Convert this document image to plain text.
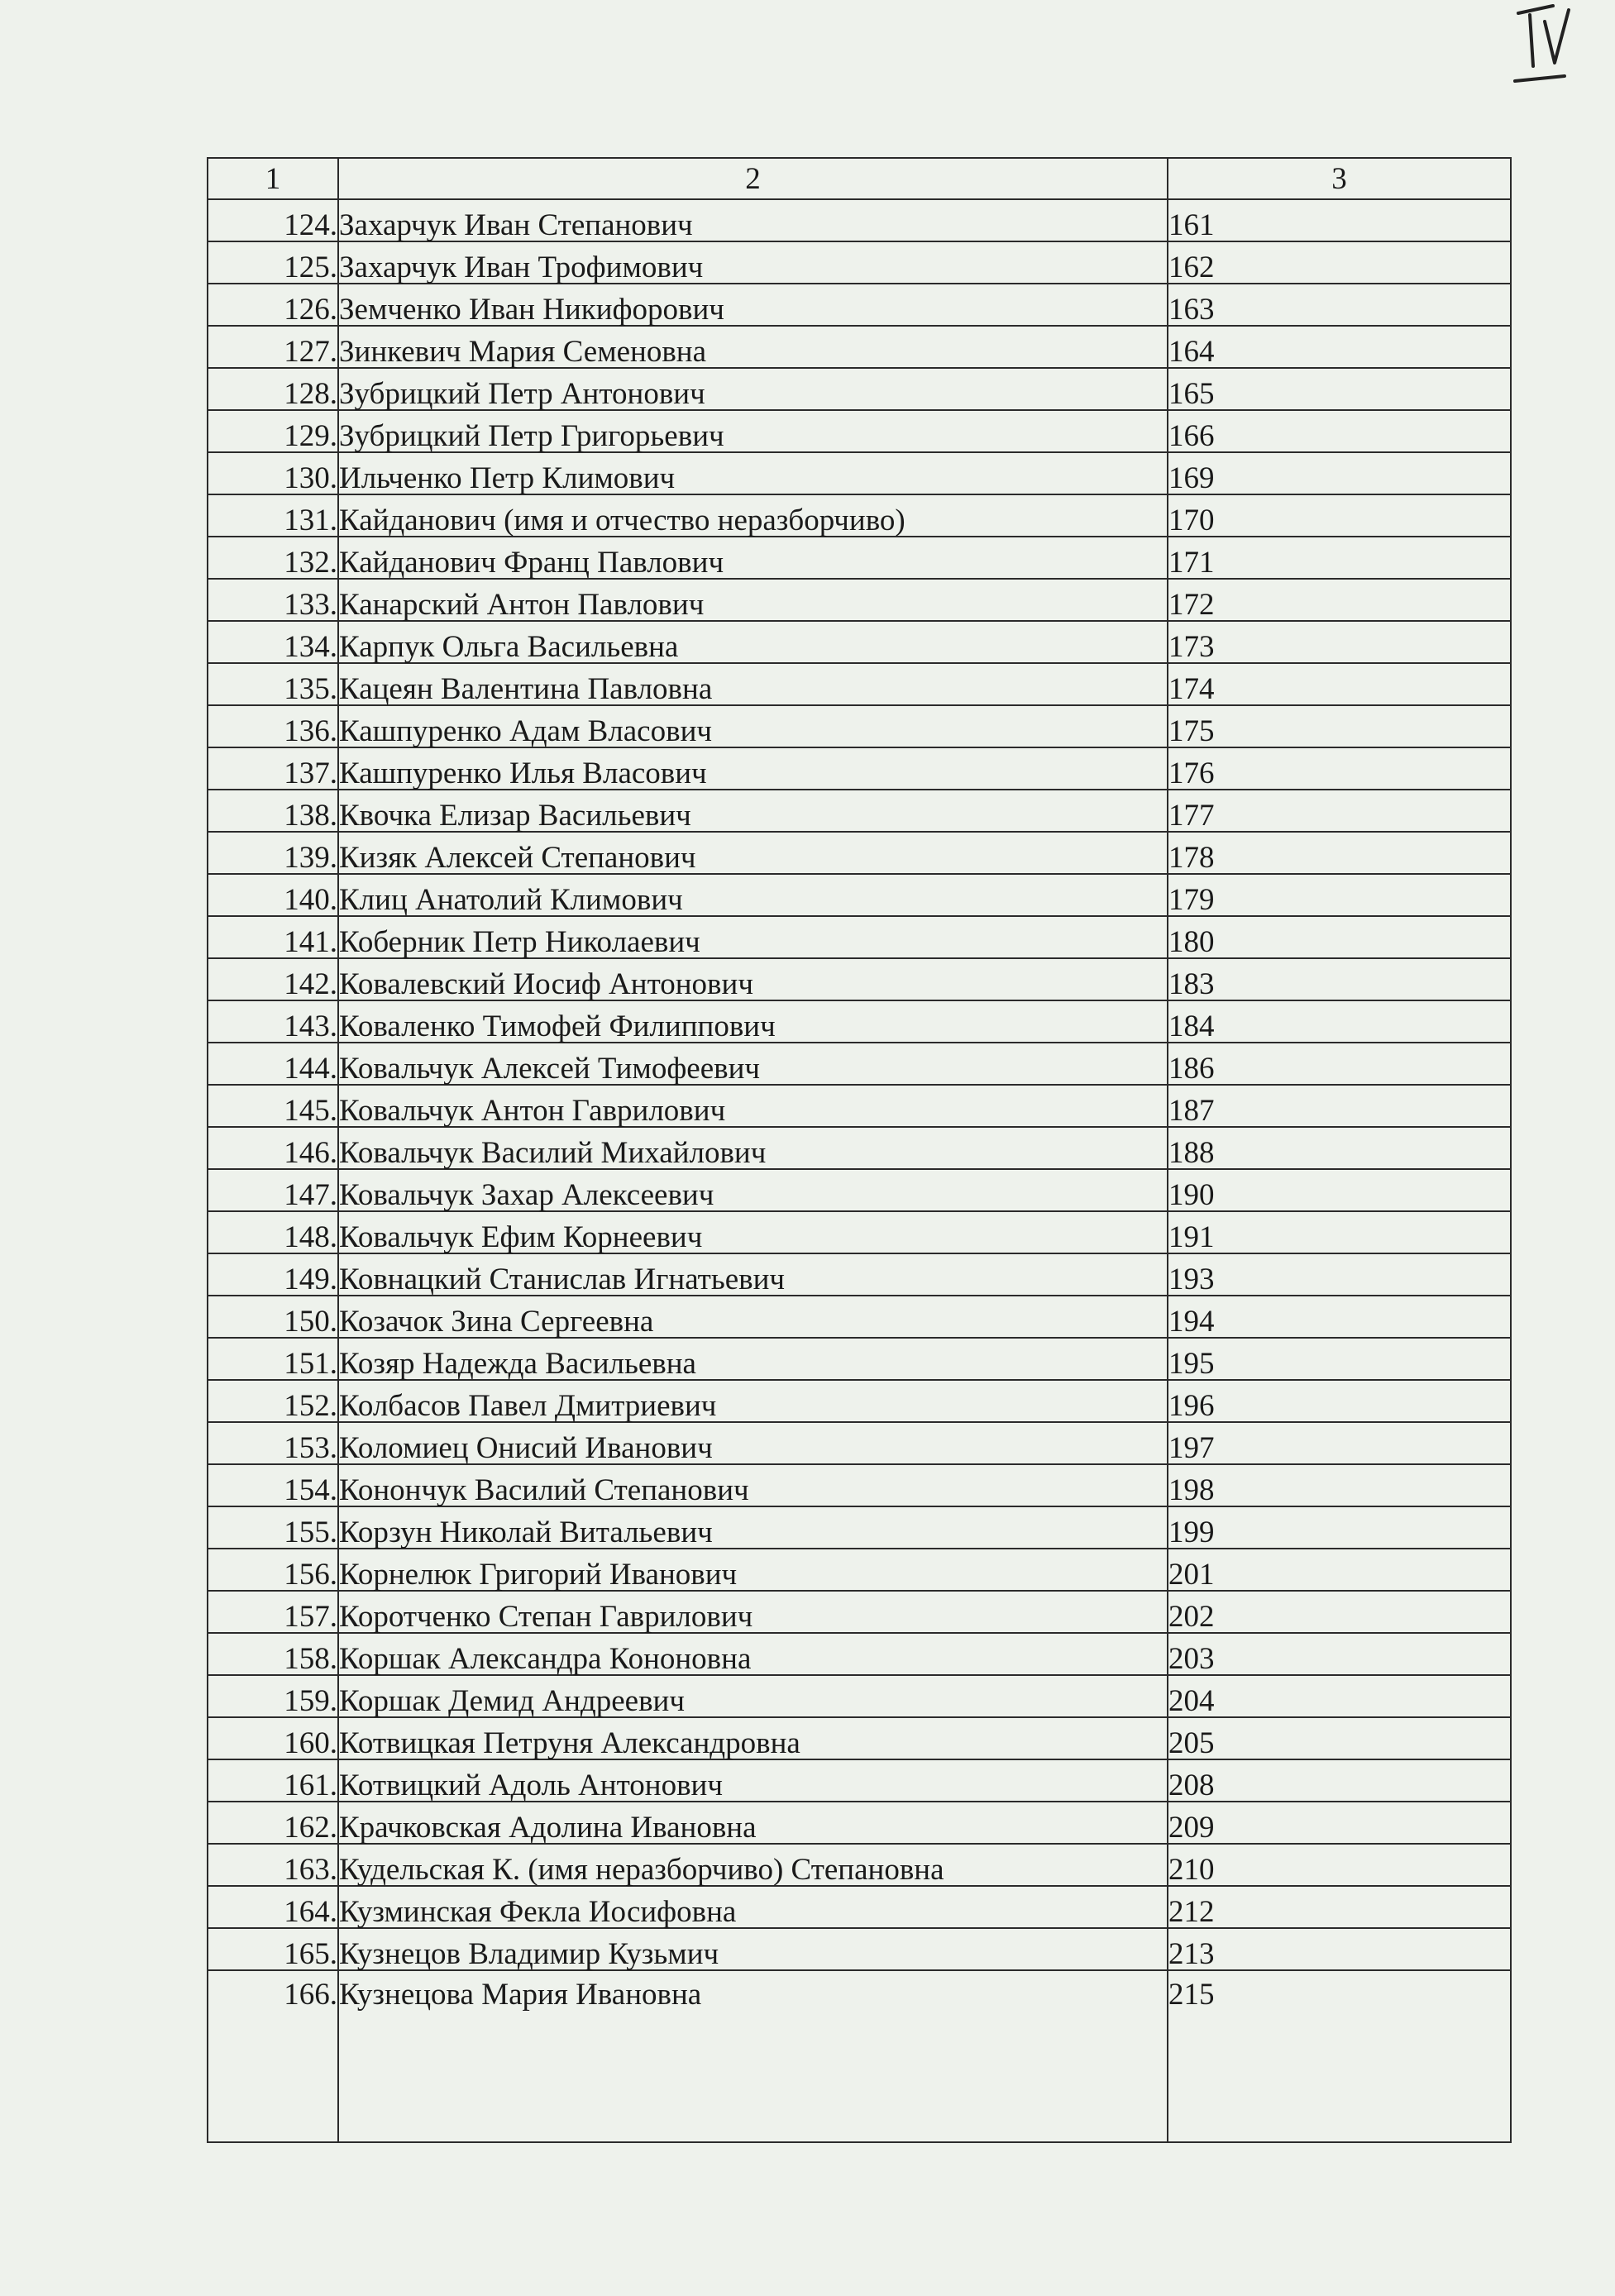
1	2	3
124.	Захарчук Иван Степанович	161
125.	Захарчук Иван Трофимович	162
126.	Земченко Иван Никифорович	163
127.	Зинкевич Мария Семеновна	164
128.	Зубрицкий Петр Антонович	165
129.	Зубрицкий Петр Григорьевич	166
130.	Ильченко Петр Климович	169
131.	Кайданович (имя и отчество неразборчиво)	170
132.	Кайданович Франц Павлович	171
133.	Канарский Антон Павлович	172
134.	Карпук Ольга Васильевна	173
135.	Кацеян Валентина Павловна	174
136.	Кашпуренко Адам Власович	175
137.	Кашпуренко Илья Власович	176
138.	Квочка Елизар Васильевич	177
139.	Кизяк Алексей Степанович	178
140.	Клиц Анатолий Климович	179
141.	Коберник Петр Николаевич	180
142.	Ковалевский Иосиф Антонович	183
143.	Коваленко Тимофей Филиппович	184
144.	Ковальчук Алексей Тимофеевич	186
145.	Ковальчук Антон Гаврилович	187
146.	Ковальчук Василий Михайлович	188
147.	Ковальчук Захар Алексеевич	190
148.	Ковальчук Ефим Корнеевич	191
149.	Ковнацкий Станислав Игнатьевич	193
150.	Козачок Зина Сергеевна	194
151.	Козяр Надежда Васильевна	195
152.	Колбасов Павел Дмитриевич	196
153.	Коломиец Онисий Иванович	197
154.	Конончук Василий Степанович	198
155.	Корзун Николай Витальевич	199
156.	Корнелюк Григорий Иванович	201
157.	Коротченко Степан Гаврилович	202
158.	Коршак Александра Кононовна	203
159.	Коршак Демид Андреевич	204
160.	Котвицкая Петруня Александровна	205
161.	Котвицкий Адоль Антонович	208
162.	Крачковская Адолина Ивановна	209
163.	Кудельская К. (имя неразборчиво) Степановна	210
164.	Кузминская Фекла Иосифовна	212
165.	Кузнецов Владимир Кузьмич	213
166.	Кузнецова Мария Ивановна	215
